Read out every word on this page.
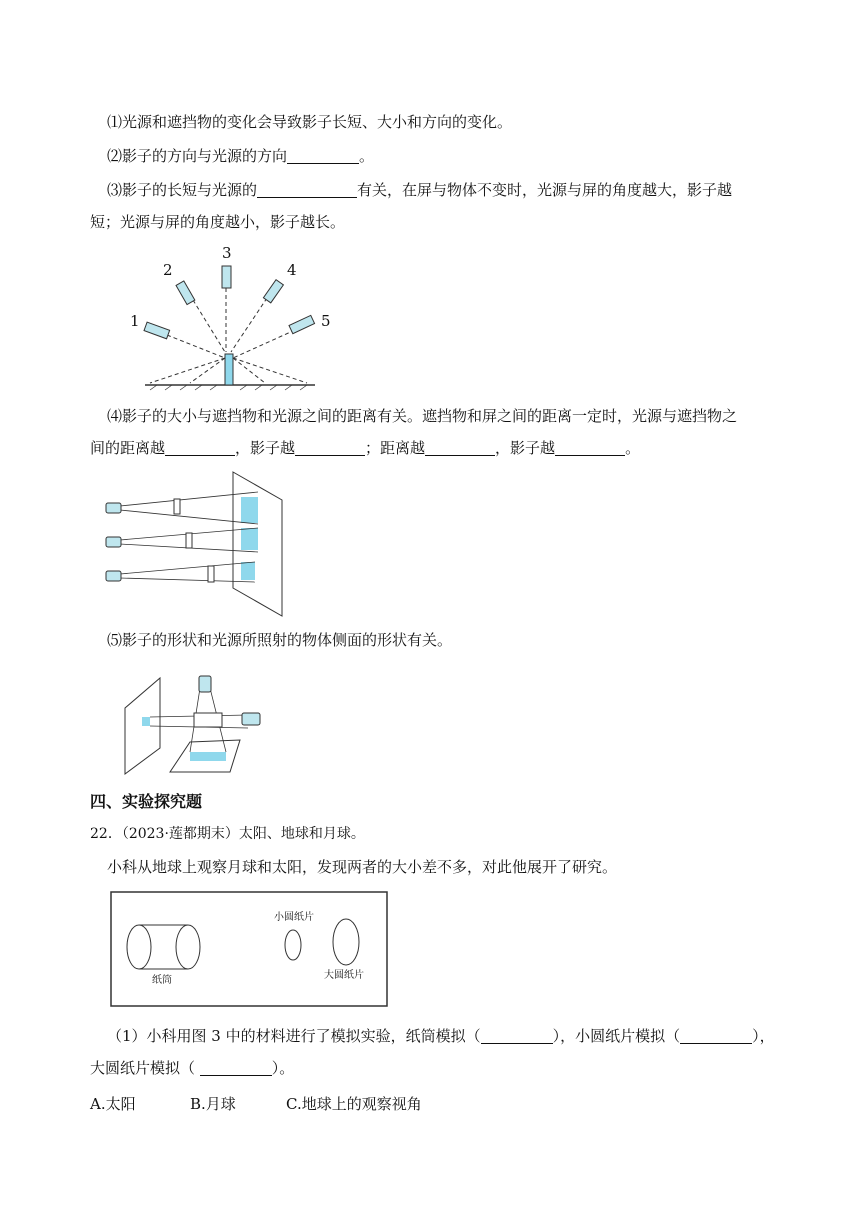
⑴光源和遮挡物的变化会导致影子长短、大小和方向的变化。
⑵影子的方向与光源的方向	。
⑶影子的长短与光源的	有关，在屏与物体不变时，光源与屏的角度越大，影子越
短；光源与屏的角度越小，影子越长。
1
2
3
4
5
⑷影子的大小与遮挡物和光源之间的距离有关。遮挡物和屏之间的距离一定时，光源与遮挡物之
间的距离越	，影子越	；距离越	，影子越	。
⑸影子的形状和光源所照射的物体侧面的形状有关。
四、实验探究题
22．（2023·莲都期末）太阳、地球和月球。
小科从地球上观察月球和太阳，发现两者的大小差不多，对此他展开了研究。
纸筒
小圆纸片
大圆纸片
（1）小科用图 3 中的材料进行了模拟实验，纸筒模拟（	），小圆纸片模拟（	），
大圆纸片模拟（	）。
A.太阳	B.月球	C.地球上的观察视角
